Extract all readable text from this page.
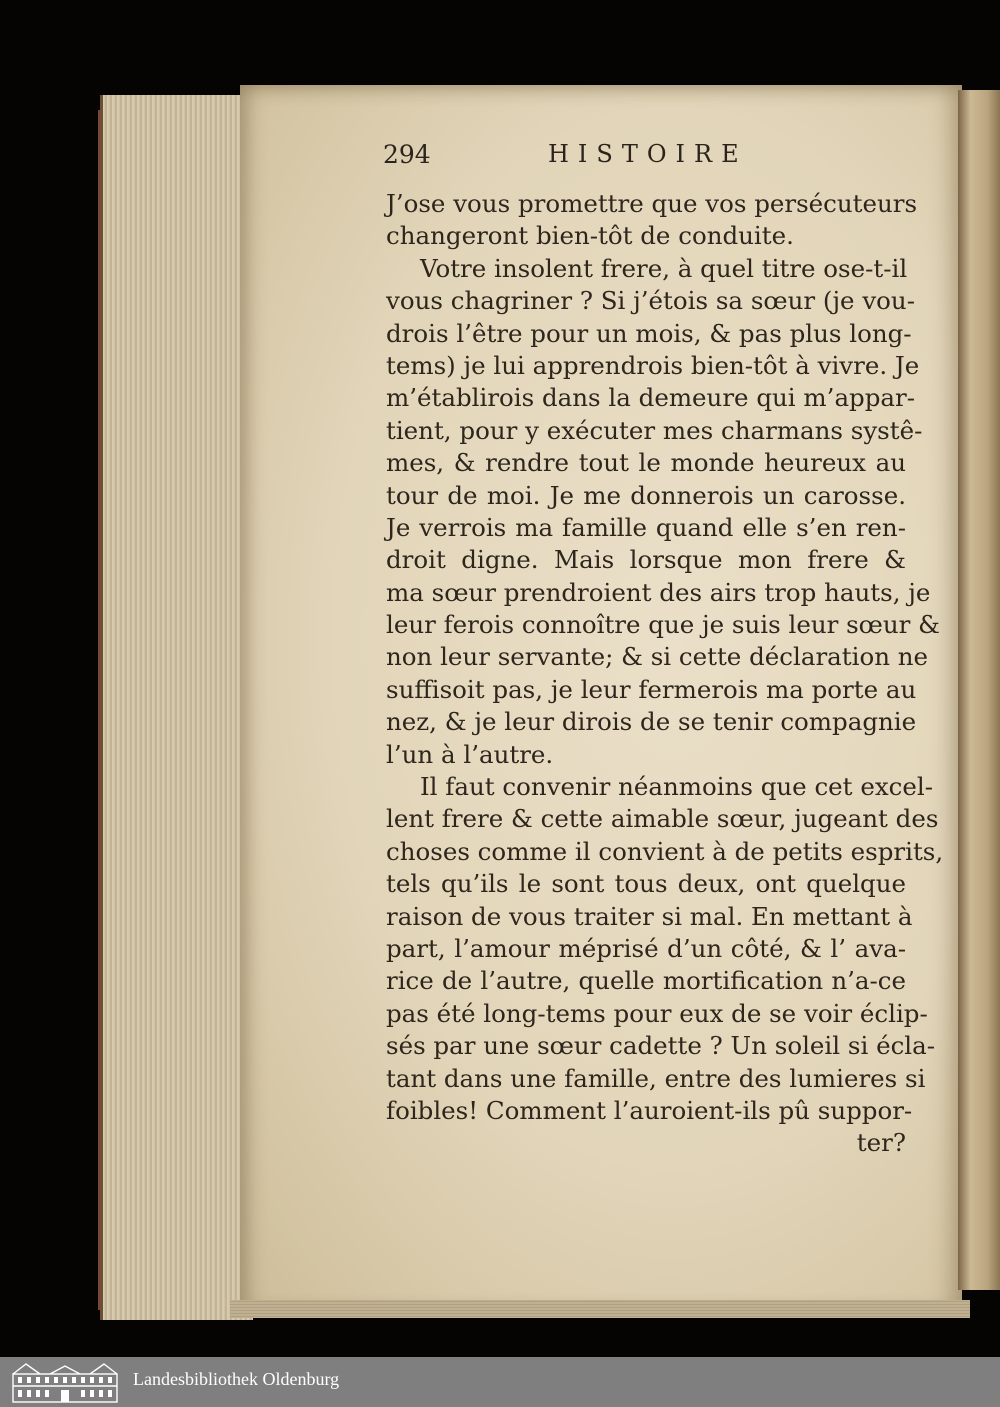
294	HISTOIRE
J’ose vous promettre que vos persécuteurs
changeront bien-tôt de conduite.
Votre insolent frere, à quel titre ose-t-il
vous chagriner ? Si j’étois sa sœur (je vou-
drois l’être pour un mois, & pas plus long-
tems) je lui apprendrois bien-tôt à vivre. Je
m’établirois dans la demeure qui m’appar-
tient, pour y exécuter mes charmans systê-
mes, & rendre tout le monde heureux au
tour de moi. Je me donnerois un carosse.
Je verrois ma famille quand elle s’en ren-
droit digne. Mais lorsque mon frere &
ma sœur prendroient des airs trop hauts, je
leur ferois connoître que je suis leur sœur &
non leur servante; & si cette déclaration ne
suffisoit pas, je leur fermerois ma porte au
nez, & je leur dirois de se tenir compagnie
l’un à l’autre.
Il faut convenir néanmoins que cet excel-
lent frere & cette aimable sœur, jugeant des
choses comme il convient à de petits esprits,
tels qu’ils le sont tous deux, ont quelque
raison de vous traiter si mal. En mettant à
part, l’amour méprisé d’un côté, & l’ ava-
rice de l’autre, quelle mortification n’a-ce
pas été long-tems pour eux de se voir éclip-
sés par une sœur cadette ? Un soleil si écla-
tant dans une famille, entre des lumieres si
foibles! Comment l’auroient-ils pû suppor-
ter?
Landesbibliothek Oldenburg
